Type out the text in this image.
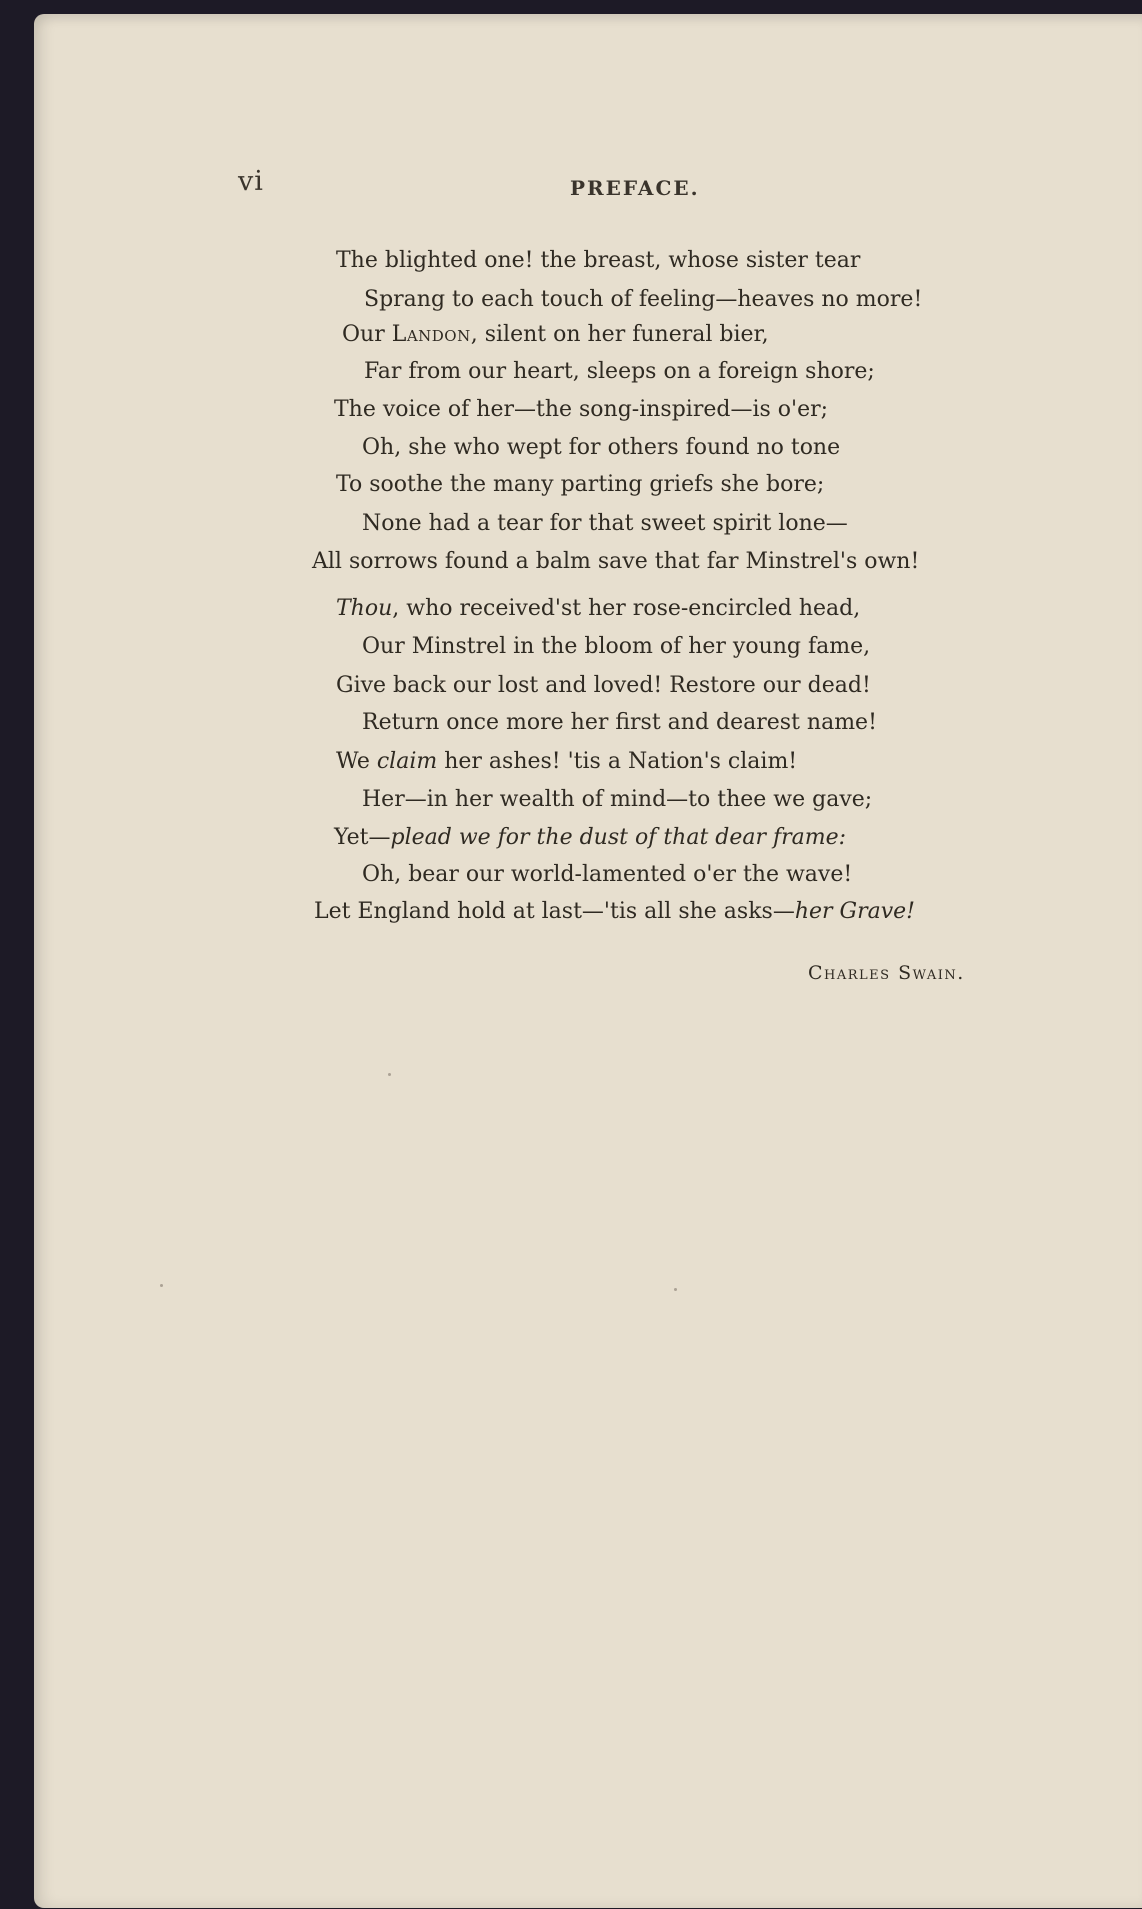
vi	PREFACE.

The blighted one! the breast, whose sister tear

Sprang to each touch of feeling—heaves no more!

Our Landon, silent on her funeral bier,

Far from our heart, sleeps on a foreign shore;

The voice of her—the song-inspired—is o'er;

Oh, she who wept for others found no tone

To soothe the many parting griefs she bore;

None had a tear for that sweet spirit lone—

All sorrows found a balm save that far Minstrel's own!

Thou, who received'st her rose-encircled head,

Our Minstrel in the bloom of her young fame,

Give back our lost and loved! Restore our dead!

Return once more her first and dearest name!

We claim her ashes! 'tis a Nation's claim!

Her—in her wealth of mind—to thee we gave;

Yet—plead we for the dust of that dear frame:

Oh, bear our world-lamented o'er the wave!

Let England hold at last—'tis all she asks—her Grave!

Charles Swain.
